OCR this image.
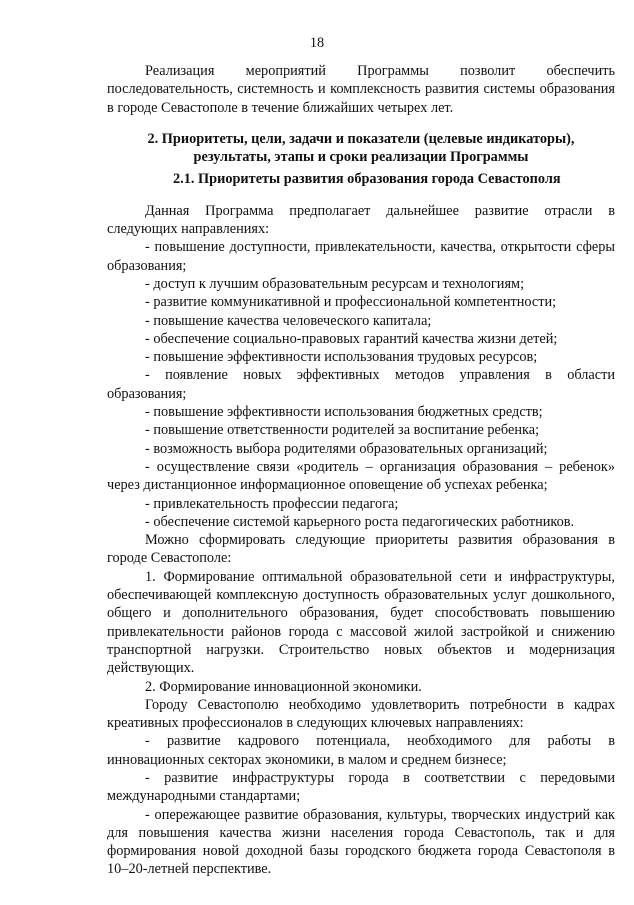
18

Реализация мероприятий Программы позволит обеспечить последовательность, системность и комплексность развития системы образования в городе Севастополе в течение ближайших четырех лет.

2. Приоритеты, цели, задачи и показатели (целевые индикаторы),

результаты, этапы и сроки реализации Программы

2.1. Приоритеты развития образования города Севастополя

Данная Программа предполагает дальнейшее развитие отрасли в следующих направлениях:

- повышение доступности, привлекательности, качества, открытости сферы образования;

- доступ к лучшим образовательным ресурсам и технологиям;

- развитие коммуникативной и профессиональной компетентности;

- повышение качества человеческого капитала;

- обеспечение социально-правовых гарантий качества жизни детей;

- повышение эффективности использования трудовых ресурсов;

- появление новых эффективных методов управления в области образования;

- повышение эффективности использования бюджетных средств;

- повышение ответственности родителей за воспитание ребенка;

- возможность выбора родителями образовательных организаций;

- осуществление связи «родитель – организация образования – ребенок» через дистанционное информационное оповещение об успехах ребенка;

- привлекательность профессии педагога;

- обеспечение системой карьерного роста педагогических работников.

Можно сформировать следующие приоритеты развития образования в городе Севастополе:

1. Формирование оптимальной образовательной сети и инфраструктуры, обеспечивающей комплексную доступность образовательных услуг дошкольного, общего и дополнительного образования, будет способствовать повышению привлекательности районов города с массовой жилой застройкой и снижению транспортной нагрузки. Строительство новых объектов и модернизация действующих.

2. Формирование инновационной экономики.

Городу Севастополю необходимо удовлетворить потребности в кадрах креативных профессионалов в следующих ключевых направлениях:

- развитие кадрового потенциала, необходимого для работы в инновационных секторах экономики, в малом и среднем бизнесе;

- развитие инфраструктуры города в соответствии с передовыми международными стандартами;

- опережающее развитие образования, культуры, творческих индустрий как для повышения качества жизни населения города Севастополь, так и для формирования новой доходной базы городского бюджета города Севастополя в 10–20-летней перспективе.
